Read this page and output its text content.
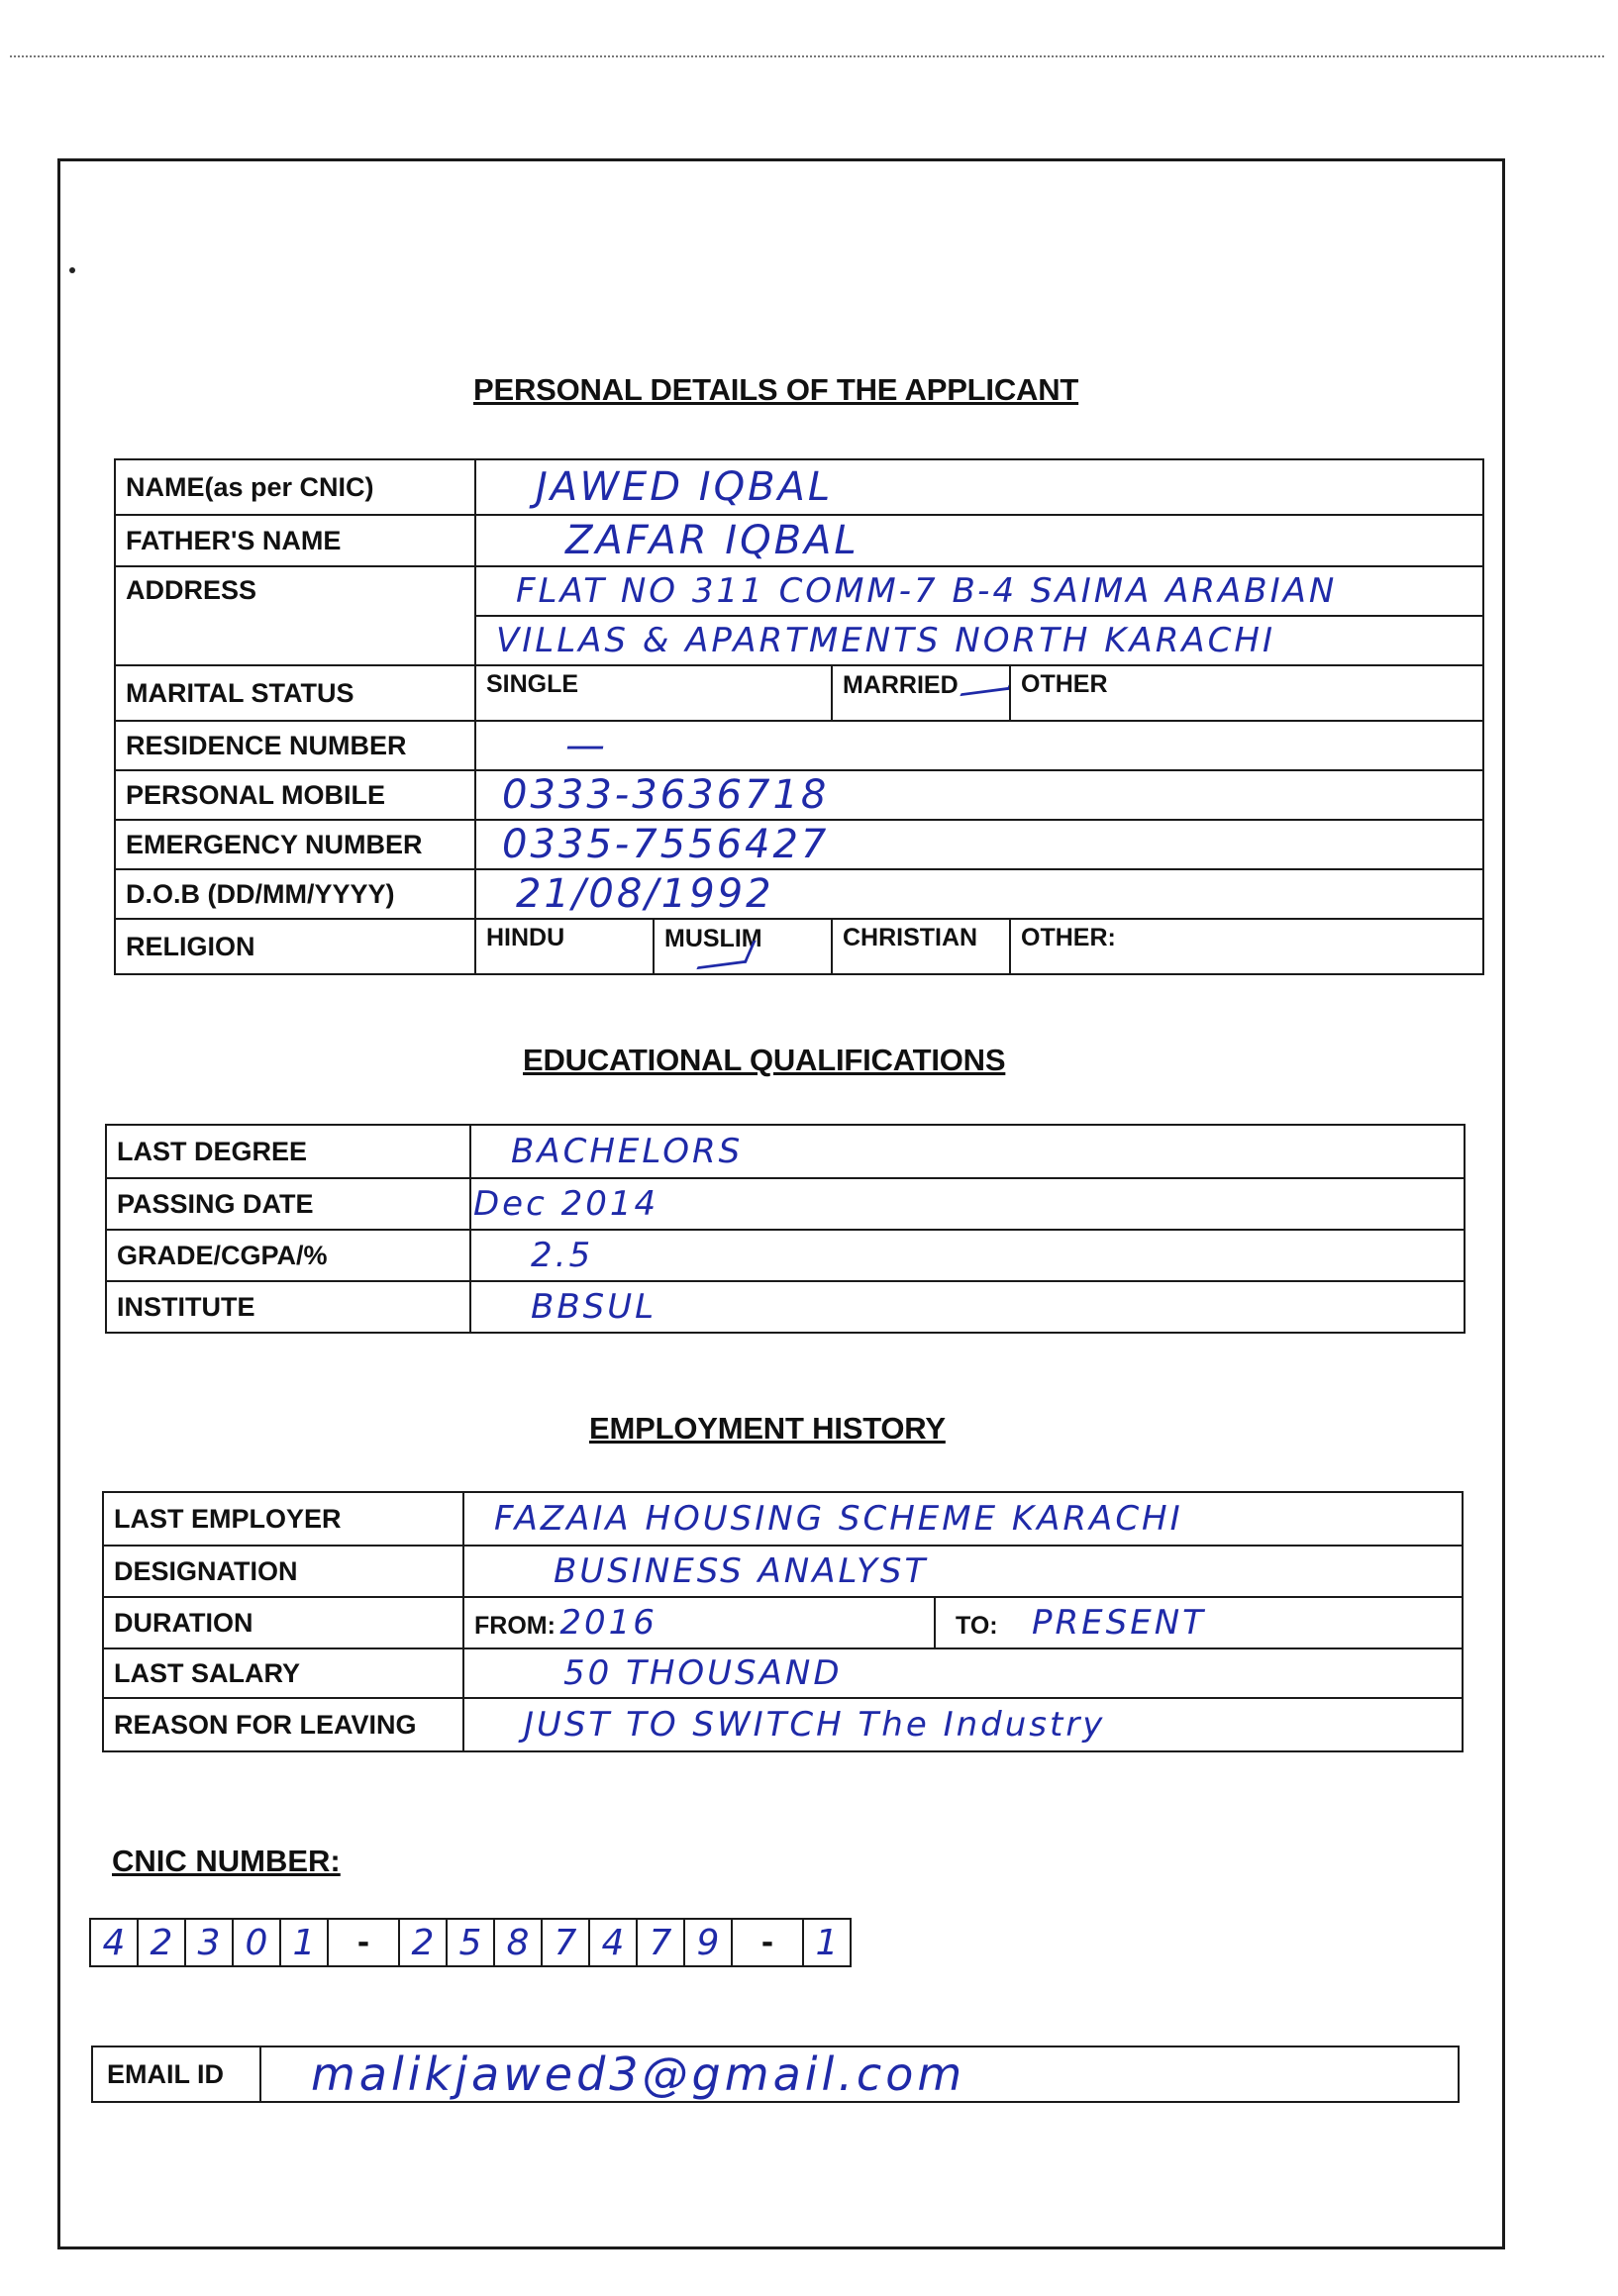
PERSONAL DETAILS OF THE APPLICANT
NAME(as per CNIC)	JAWED IQBAL			
FATHER'S NAME	ZAFAR IQBAL			
ADDRESS	FLAT NO 311 COMM-7 B-4 SAIMA ARABIAN			
	VILLAS & APARTMENTS NORTH KARACHI			
MARITAL STATUS	SINGLE		MARRIED	OTHER
RESIDENCE NUMBER	—			
PERSONAL MOBILE	0333-3636718			
EMERGENCY NUMBER	0335-7556427			
D.O.B (DD/MM/YYYY)	21/08/1992			
RELIGION	HINDU	MUSLIM	CHRISTIAN	OTHER:
EDUCATIONAL QUALIFICATIONS
LAST DEGREE	BACHELORS
PASSING DATE	Dec 2014
GRADE/CGPA/%	2.5
INSTITUTE	BBSUL
EMPLOYMENT HISTORY
LAST EMPLOYER	FAZAIA HOUSING SCHEME KARACHI	
DESIGNATION	BUSINESS ANALYST	
DURATION	FROM: 2016	TO: PRESENT
LAST SALARY	50 THOUSAND	
REASON FOR LEAVING	JUST TO SWITCH The Industry	
CNIC NUMBER:
4 2 3 0 1	-	2 5 8 7 4 7 9	-	1
EMAIL ID	malikjawed3@gmail.com
